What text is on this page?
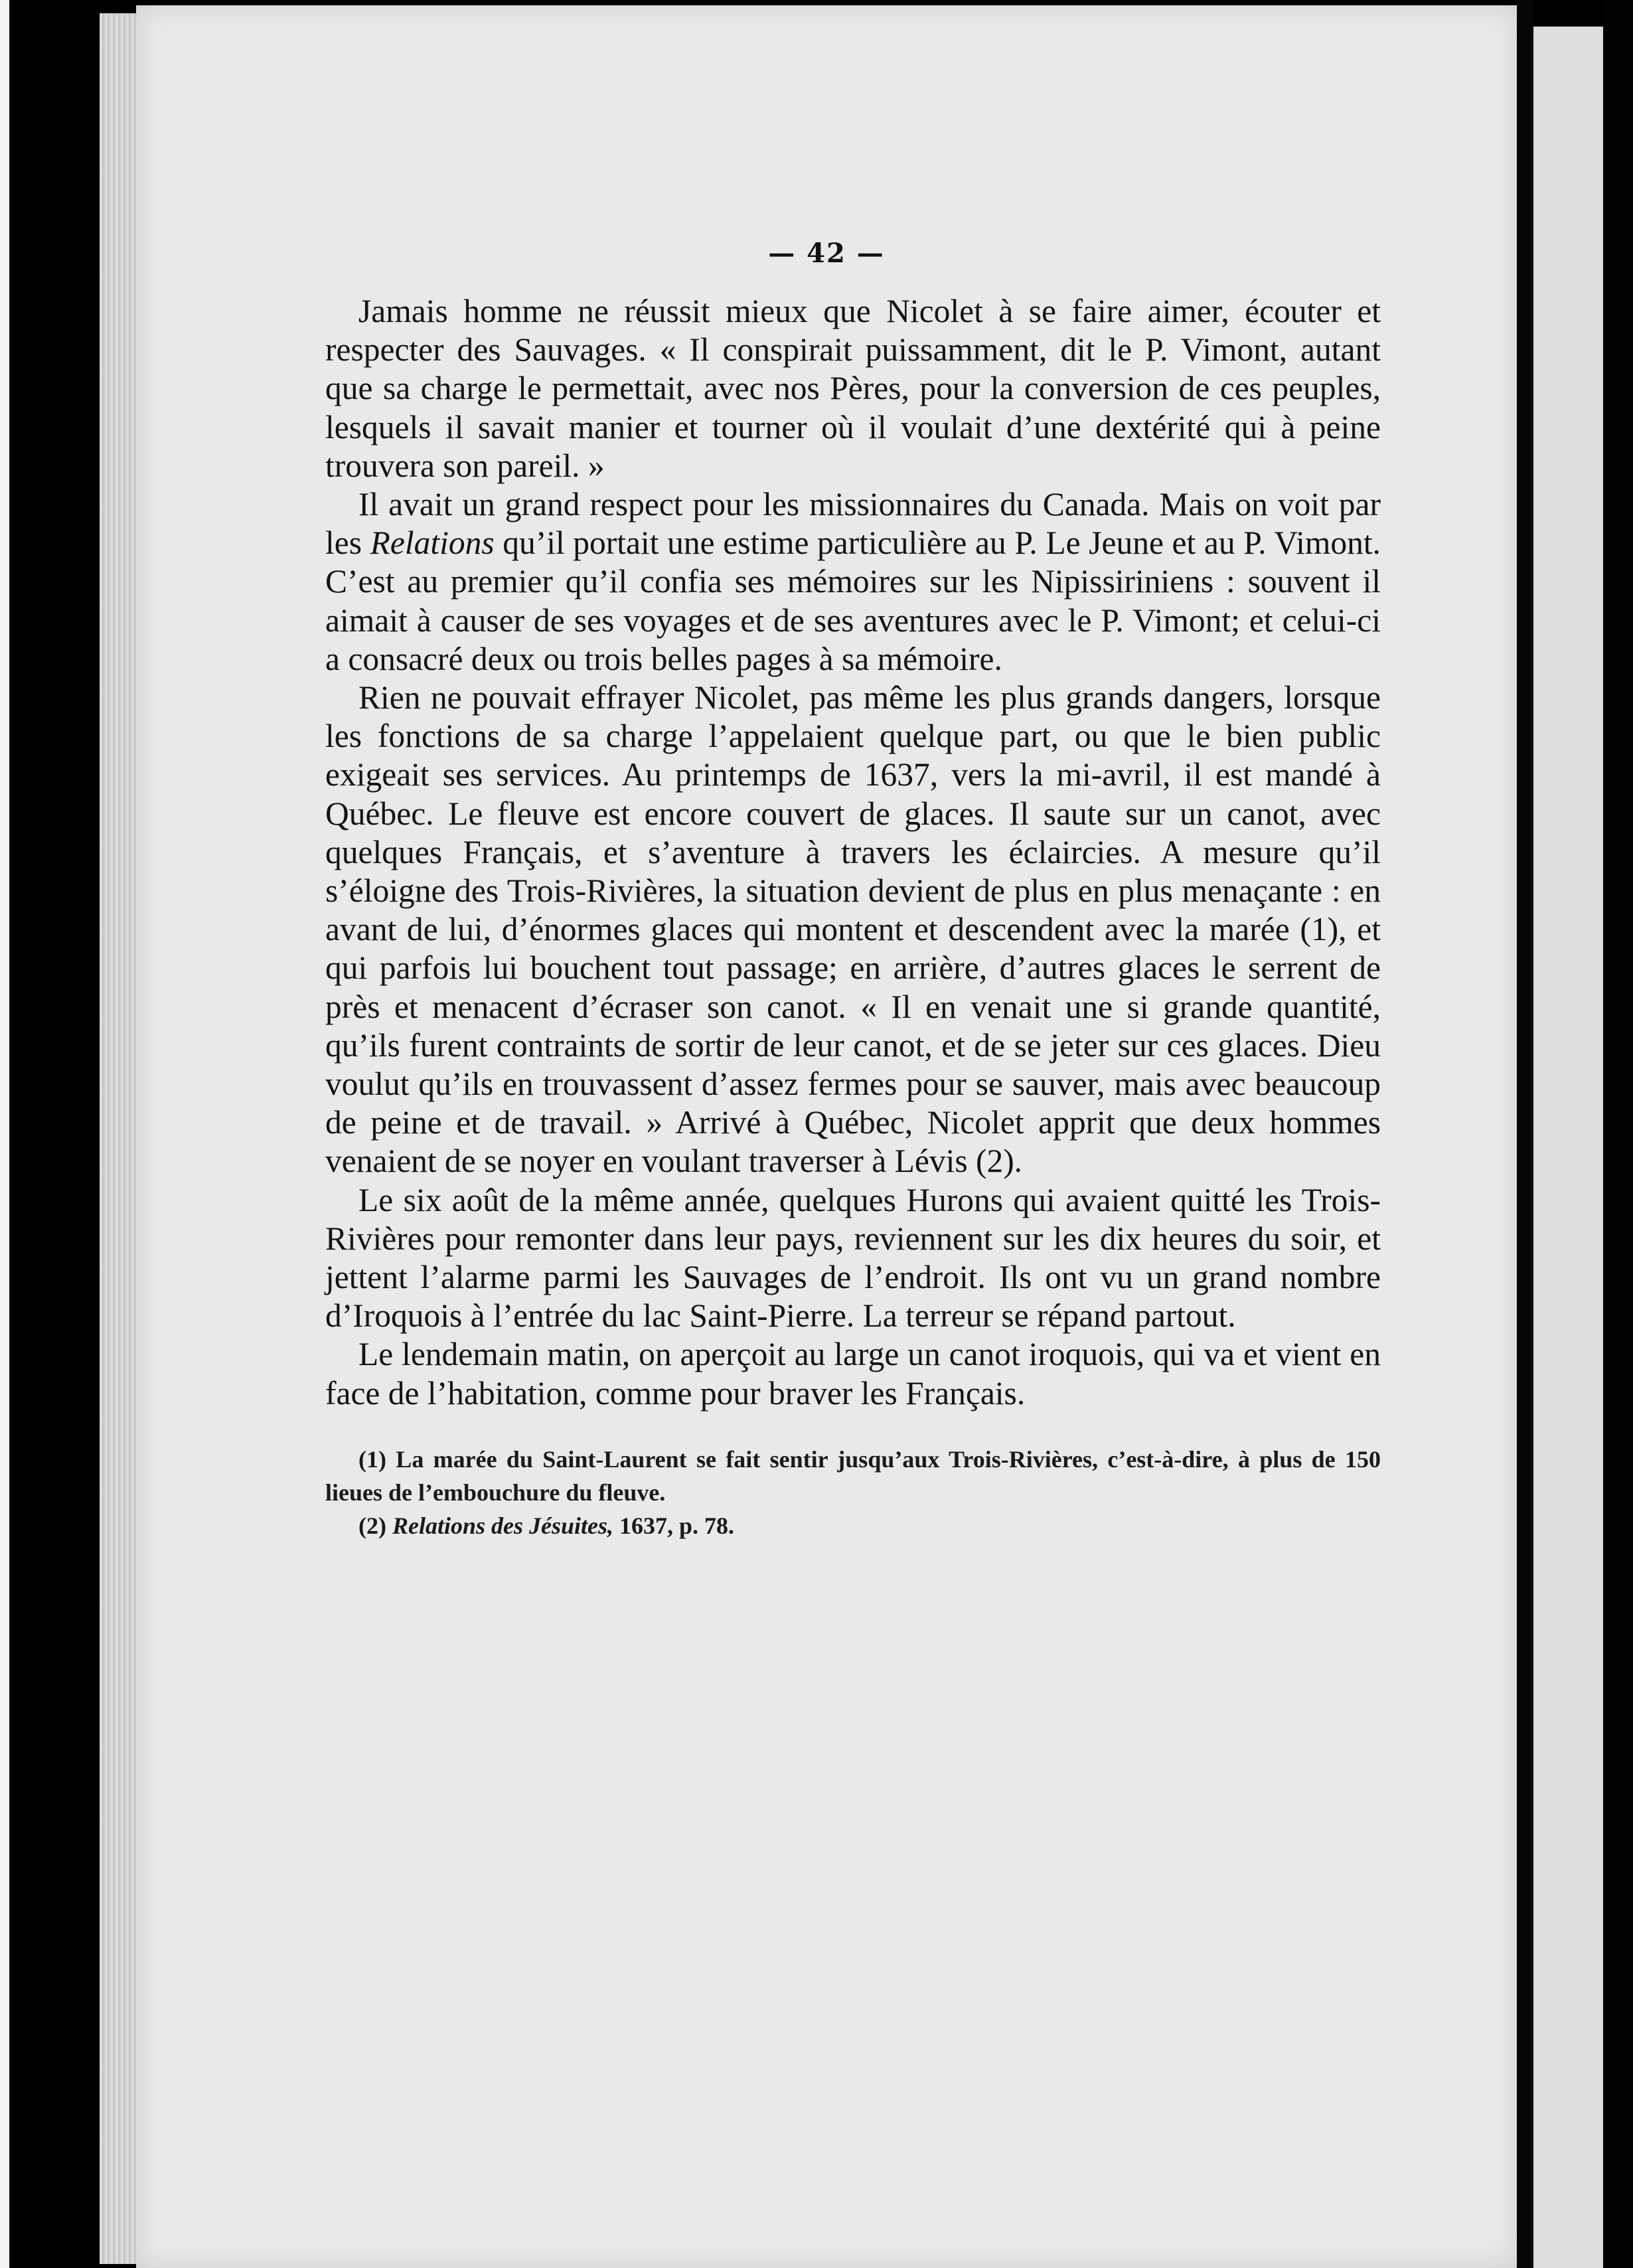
— 42 —

Jamais homme ne réussit mieux que Nicolet à se faire aimer, écouter et respecter des Sauvages. « Il conspirait puissamment, dit le P. Vimont, autant que sa charge le permettait, avec nos Pères, pour la conversion de ces peuples, lesquels il savait manier et tourner où il voulait d’une dextérité qui à peine trouvera son pareil. »

Il avait un grand respect pour les missionnaires du Canada. Mais on voit par les Relations qu’il portait une estime particulière au P. Le Jeune et au P. Vimont. C’est au premier qu’il confia ses mémoires sur les Nipissiriniens : souvent il aimait à causer de ses voyages et de ses aventures avec le P. Vimont; et celui-ci a consacré deux ou trois belles pages à sa mémoire.

Rien ne pouvait effrayer Nicolet, pas même les plus grands dangers, lorsque les fonctions de sa charge l’appelaient quelque part, ou que le bien public exigeait ses services. Au printemps de 1637, vers la mi-avril, il est mandé à Québec. Le fleuve est encore couvert de glaces. Il saute sur un canot, avec quelques Français, et s’aventure à travers les éclaircies. A mesure qu’il s’éloigne des Trois-Rivières, la situation devient de plus en plus menaçante : en avant de lui, d’énormes glaces qui montent et descendent avec la marée (1), et qui parfois lui bouchent tout passage; en arrière, d’autres glaces le serrent de près et menacent d’écraser son canot. « Il en venait une si grande quantité, qu’ils furent contraints de sortir de leur canot, et de se jeter sur ces glaces. Dieu voulut qu’ils en trouvassent d’assez fermes pour se sauver, mais avec beaucoup de peine et de travail. » Arrivé à Québec, Nicolet apprit que deux hommes venaient de se noyer en voulant traverser à Lévis (2).

Le six août de la même année, quelques Hurons qui avaient quitté les Trois-Rivières pour remonter dans leur pays, reviennent sur les dix heures du soir, et jettent l’alarme parmi les Sauvages de l’endroit. Ils ont vu un grand nombre d’Iroquois à l’entrée du lac Saint-Pierre. La terreur se répand partout.

Le lendemain matin, on aperçoit au large un canot iroquois, qui va et vient en face de l’habitation, comme pour braver les Français.

(1) La marée du Saint-Laurent se fait sentir jusqu’aux Trois-Rivières, c’est-à-dire, à plus de 150 lieues de l’embouchure du fleuve.

(2) Relations des Jésuites, 1637, p. 78.
